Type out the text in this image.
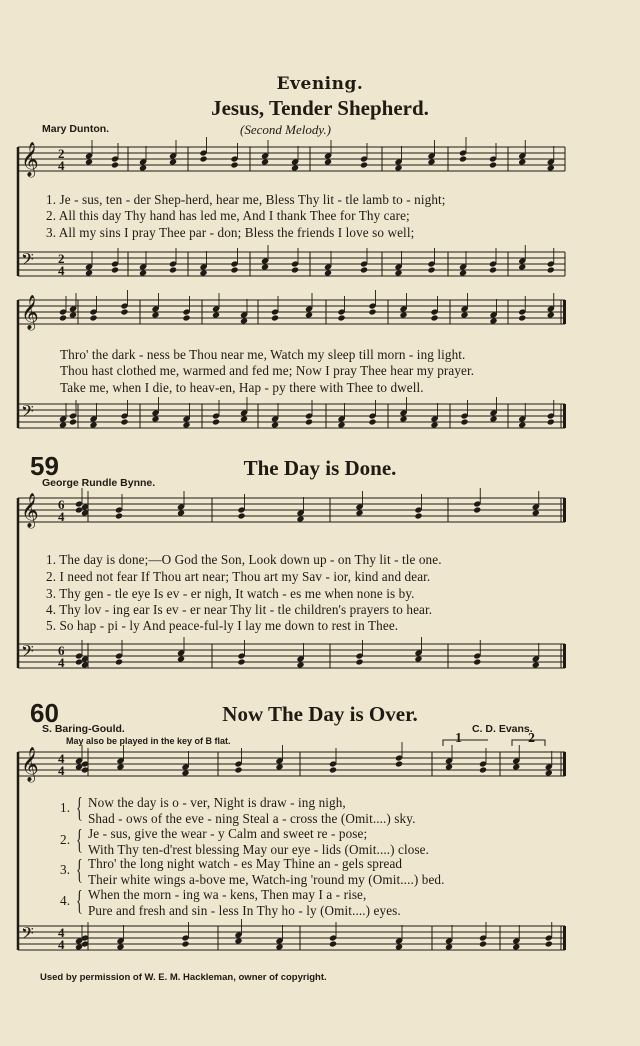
𝄞 2
4
𝄢 2
4
𝄞
𝄢
𝄞 6
4
𝄢 6
4
𝄞 4
4
𝄢 4
4
Evening.
Jesus, Tender Shepherd.
Mary Dunton.	(Second Melody.)
1. Je - sus, ten - der Shep-herd, hear me, Bless Thy lit - tle lamb to - night;
2. All this day Thy hand has led me, And I thank Thee for Thy care;
3. All my sins I pray Thee par - don; Bless the friends I love so well;
Thro' the dark - ness be Thou near me, Watch my sleep till morn - ing light.
Thou hast clothed me, warmed and fed me; Now I pray Thee hear my prayer.
Take me, when I die, to heav-en, Hap - py there with Thee to dwell.
59	The Day is Done.
George Rundle Bynne.
1. The day is done;—O God the Son, Look down up - on Thy lit - tle one.
2. I need not fear If Thou art near; Thou art my Sav - ior, kind and dear.
3. Thy gen - tle eye Is ev - er nigh, It watch - es me when none is by.
4. Thy lov - ing ear Is ev - er near Thy lit - tle children's prayers to hear.
5. So hap - pi - ly And peace-ful-ly I lay me down to rest in Thee.
60	Now The Day is Over.
S. Baring-Gould.	C. D. Evans.
May also be played in the key of B flat.	1	2
1. { Now the day is o - ver, Night is draw - ing nigh,
Shad - ows of the eve - ning Steal a - cross the (Omit....) sky.
2. { Je - sus, give the wear - y Calm and sweet re - pose;
With Thy ten-d'rest blessing May our eye - lids (Omit....) close.
3. { Thro' the long night watch - es May Thine an - gels spread
Their white wings a-bove me, Watch-ing 'round my (Omit....) bed.
4. { When the morn - ing wa - kens, Then may I a - rise,
Pure and fresh and sin - less In Thy ho - ly (Omit....) eyes.
Used by permission of W. E. M. Hackleman, owner of copyright.
